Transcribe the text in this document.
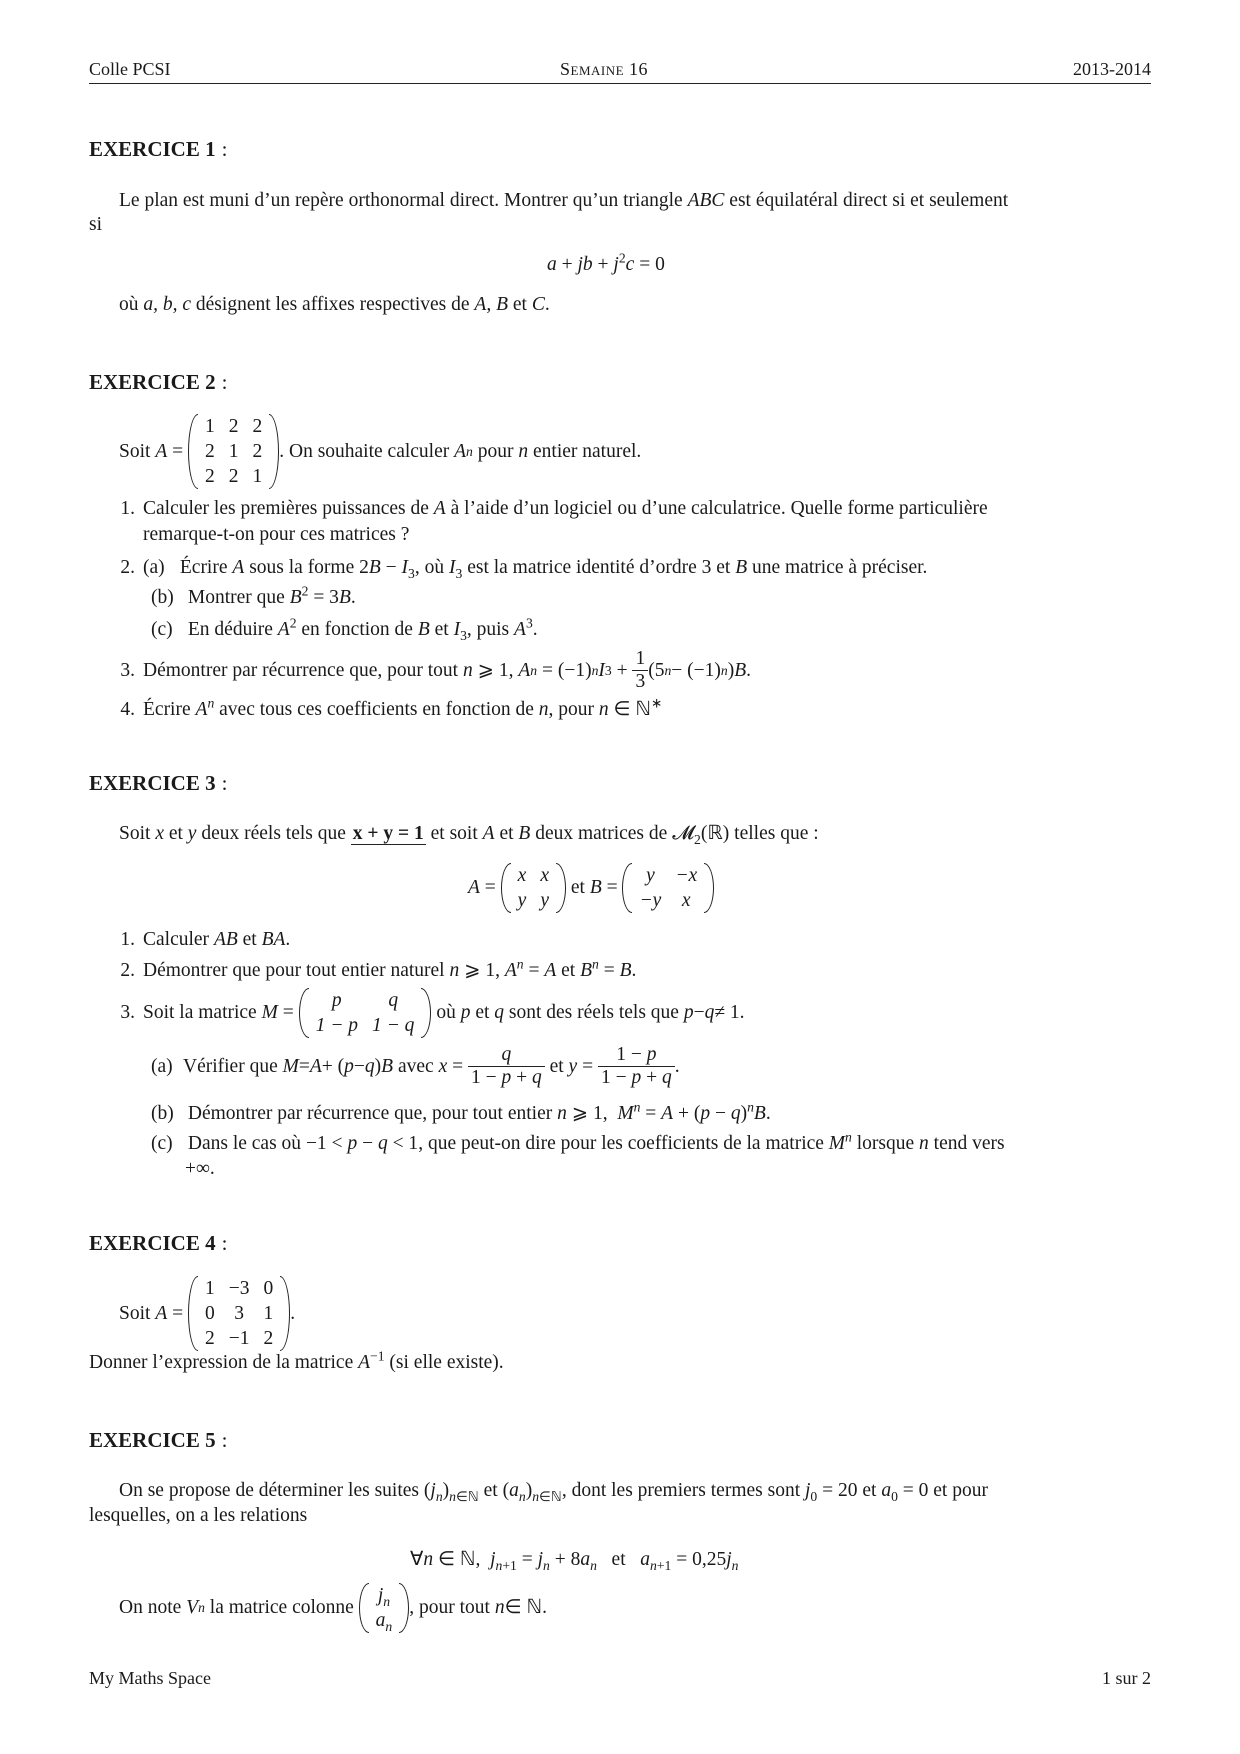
Colle PCSI	Semaine 16	2013-2014
EXERCICE 1 :
Le plan est muni d’un repère orthonormal direct. Montrer qu’un triangle ABC est équilatéral direct si et seulement
si
a + jb + $j^2c = 0$
où a, b, c désignent les affixes respectives de A, B et C.
EXERCICE 2 :
Soit
A =
1	2	2
2	1	2
2	2	1
. On souhaite calculer
A n
pour
n
entier naturel.
1. Calculer les premières puissances de A à l’aide d’un logiciel ou d’une calculatrice. Quelle forme particulière
remarque-t-on pour ces matrices ?
2. (a) Écrire A sous la forme $2B - I_3$, où $I_3$ est la matrice identité d’ordre 3 et B une matrice à préciser.
(b) Montrer que $B^2 = 3B$.
(c) En déduire $A^2$ en fonction de B et $I_3$, puis $A^3$.
3. Démontrer par récurrence que, pour tout
n ⩾ 1, A n = (−1) n I $3 + \frac{1}{3} (5$ n − (−1) n ) B .
4. Écrire $A^n$ avec tous ces coefficients en fonction de n, pour n ∈ ℕ∗
EXERCICE 3 :
Soit x et y deux réels tels que x + y = 1 et soit A et B deux matrices de 𝓜$_2$(ℝ) telles que :
A =
x	x
y	y

et
B =
y	−x
−y	x
1. Calculer AB et BA.
2. Démontrer que pour tout entier naturel n ⩾ 1, $A^n = A$ et $B^n = B$.
3. Soit la matrice
M =
p	q
1 − p	1 − q

où
p
et
q
sont des réels tels que
p − q ≠ 1.
(a) Vérifier que
M = A + ( p − q ) B
avec
$x = \frac{q}{1 - p + q}$
et
$y = \frac{1 - p}{1 - p + q}$ .
(b) Démontrer par récurrence que, pour tout entier n ⩾ 1,  $M^n = A + (p - q)^nB$.
(c) Dans le cas où −1 < p − q < 1, que peut-on dire pour les coefficients de la matrice $M^n$ lorsque n tend vers
+∞.
EXERCICE 4 :
Soit
A =
1	−3	0
0	3	1
2	−1	2
.
Donner l’expression de la matrice $A^{-1}$ (si elle existe).
EXERCICE 5 :
On se propose de déterminer les suites $(j_n)_{n\in ℕ}$ et $(a_n)_{n\in ℕ}$, dont les premiers termes sont $j_0 = 20$ et $a_0 = 0$ et pour
lesquelles, on a les relations
∀n ∈ ℕ,  $j_{n+1} = j_n + 8a_n$ et $a_{n+1} = 0,25j_n$
On note
V n
la matrice colonne

$j_n$
$a_n$
, pour tout
n ∈ ℕ.
My Maths Space	1 sur 2
